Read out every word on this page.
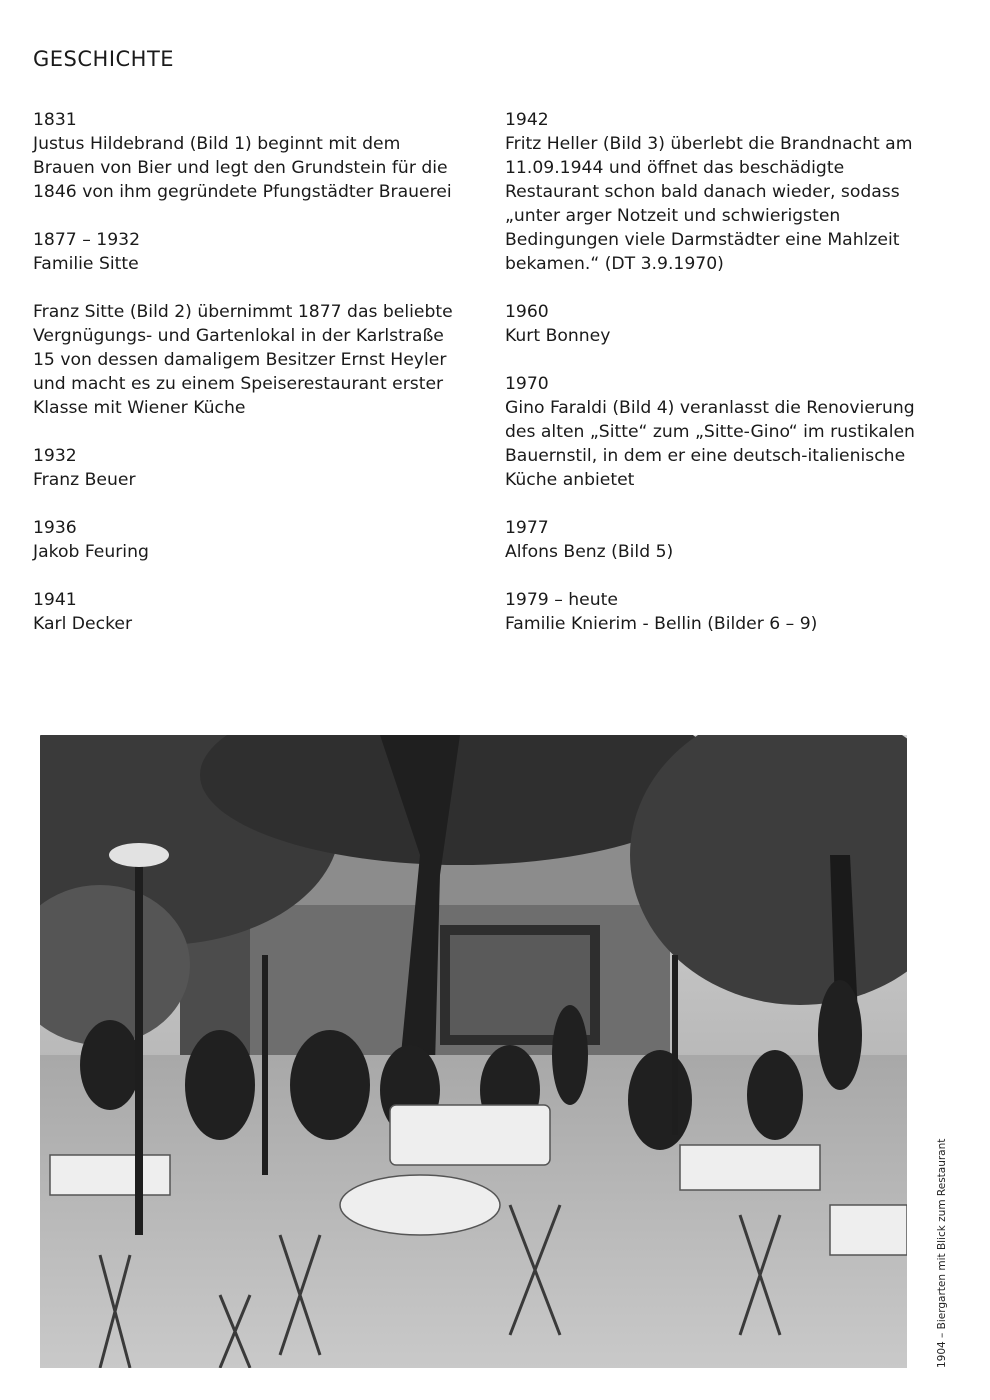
GESCHICHTE

1831

Justus Hildebrand (Bild 1) beginnt mit dem
Brauen von Bier und legt den Grundstein für die
1846 von ihm gegründete Pfungstädter Brauerei

1877 – 1932

Familie Sitte

Franz Sitte (Bild 2) übernimmt 1877 das beliebte
Vergnügungs- und Gartenlokal in der Karlstraße
15 von dessen damaligem Besitzer Ernst Heyler
und macht es zu einem Speiserestaurant erster
Klasse mit Wiener Küche

1932

Franz Beuer

1936

Jakob Feuring

1941

Karl Decker

1942

Fritz Heller (Bild 3) überlebt die Brandnacht am
11.09.1944 und öffnet das beschädigte
Restaurant schon bald danach wieder, sodass
„unter arger Notzeit und schwierigsten
Bedingungen viele Darmstädter eine Mahlzeit
bekamen.“ (DT 3.9.1970)

1960

Kurt Bonney

1970

Gino Faraldi (Bild 4) veranlasst die Renovierung
des alten „Sitte“ zum „Sitte-Gino“ im rustikalen
Bauernstil, in dem er eine deutsch-italienische
Küche anbietet

1977

Alfons Benz (Bild 5)

1979 – heute

Familie Knierim - Bellin (Bilder 6 – 9)

1904 – Biergarten mit Blick zum Restaurant
